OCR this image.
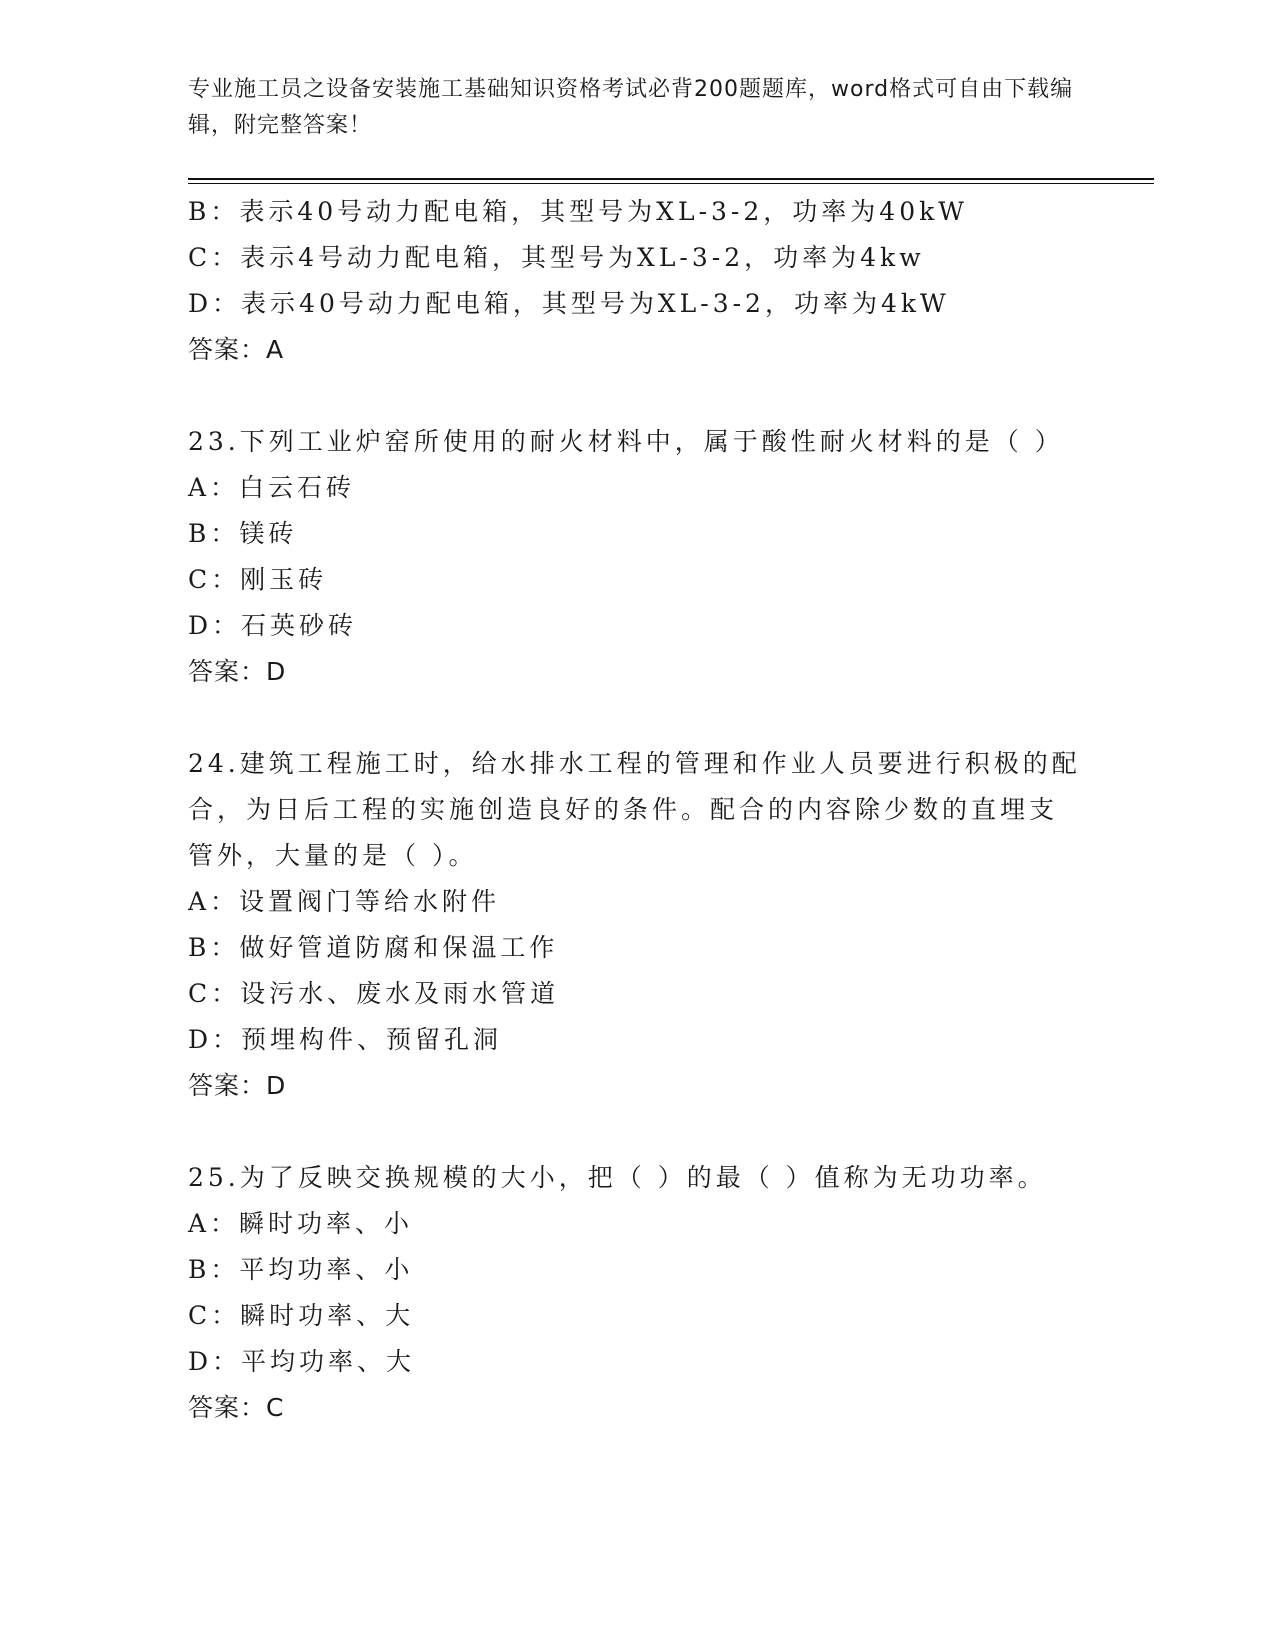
专业施工员之设备安装施工基础知识资格考试必背200题题库，word格式可自由下载编辑，附完整答案！
B：表示40号动力配电箱，其型号为XL-3-2，功率为40kW
C：表示4号动力配电箱，其型号为XL-3-2，功率为4kw
D：表示40号动力配电箱，其型号为XL-3-2，功率为4kW
答案：A
23.下列工业炉窑所使用的耐火材料中，属于酸性耐火材料的是（ ）
A：白云石砖
B：镁砖
C：刚玉砖
D：石英砂砖
答案：D
24.建筑工程施工时，给水排水工程的管理和作业人员要进行积极的配
合，为日后工程的实施创造良好的条件。配合的内容除少数的直埋支
管外，大量的是（ ）。
A：设置阀门等给水附件
B：做好管道防腐和保温工作
C：设污水、废水及雨水管道
D：预埋构件、预留孔洞
答案：D
25.为了反映交换规模的大小，把（ ）的最（ ）值称为无功功率。
A：瞬时功率、小
B：平均功率、小
C：瞬时功率、大
D：平均功率、大
答案：C
